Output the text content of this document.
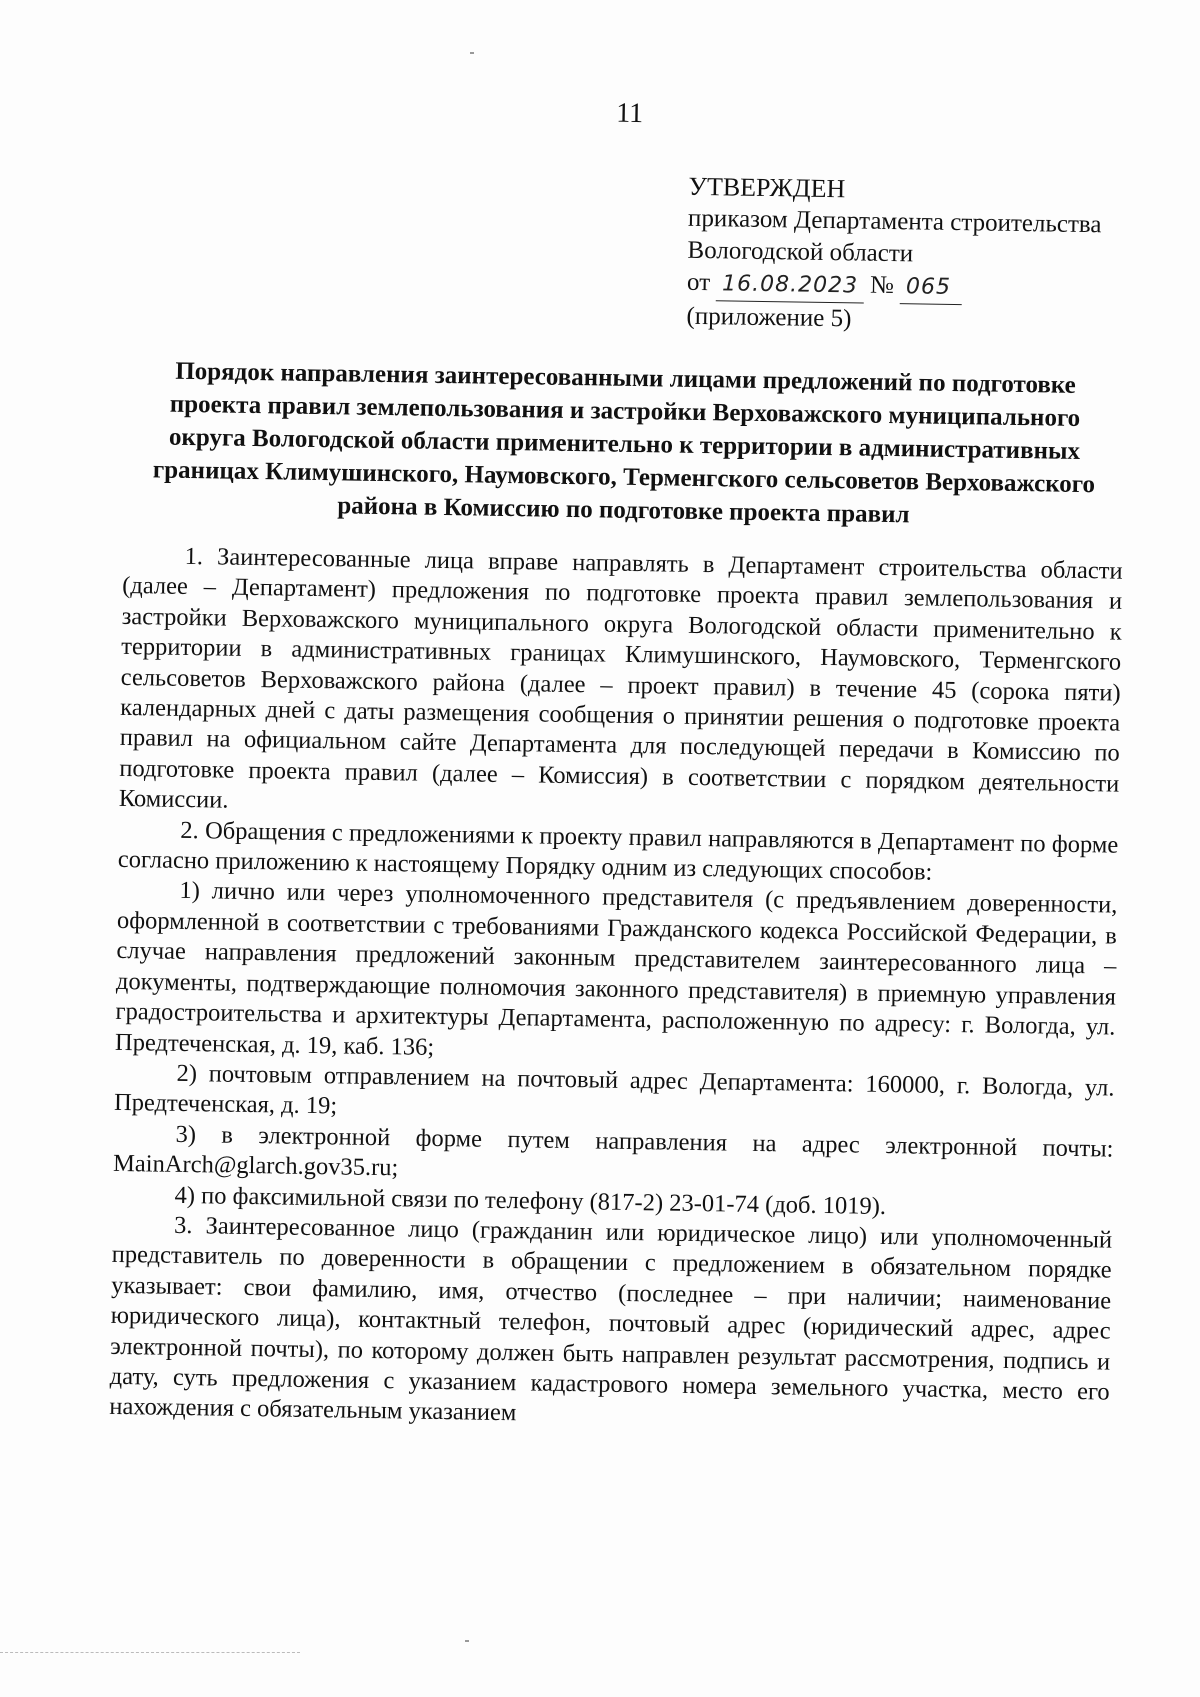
11
УТВЕРЖДЕН
приказом Департамента строительства
Вологодской области
от 16.08.2023 № 065
(приложение 5)
Порядок направления заинтересованными лицами предложений по подготовке проекта правил землепользования и застройки Верховажского муниципального округа Вологодской области применительно к территории в административных границах Климушинского, Наумовского, Терменгского сельсоветов Верховажского района в Комиссию по подготовке проекта правил

1. Заинтересованные лица вправе направлять в Департамент строительства области (далее – Департамент) предложения по подготовке проекта правил землепользования и застройки Верховажского муниципального округа Вологодской области применительно к территории в административных границах Климушинского, Наумовского, Терменгского сельсоветов Верховажского района (далее – проект правил) в течение 45 (сорока пяти) календарных дней с даты размещения сообщения о принятии решения о подготовке проекта правил на официальном сайте Департамента для последующей передачи в Комиссию по подготовке проекта правил (далее – Комиссия) в соответствии с порядком деятельности Комиссии.

2. Обращения с предложениями к проекту правил направляются в Департамент по форме согласно приложению к настоящему Порядку одним из следующих способов:

1) лично или через уполномоченного представителя (с предъявлением доверенности, оформленной в соответствии с требованиями Гражданского кодекса Российской Федерации, в случае направления предложений законным представителем заинтересованного лица – документы, подтверждающие полномочия законного представителя) в приемную управления градостроительства и архитектуры Департамента, расположенную по адресу: г. Вологда, ул. Предтеченская, д. 19, каб. 136;

2) почтовым отправлением на почтовый адрес Департамента: 160000, г. Вологда, ул. Предтеченская, д. 19;

3) в электронной форме путем направления на адрес электронной почты: MainArch@glarch.gov35.ru;

4) по факсимильной связи по телефону (817-2) 23-01-74 (доб. 1019).

3. Заинтересованное лицо (гражданин или юридическое лицо) или уполномоченный представитель по доверенности в обращении с предложением в обязательном порядке указывает: свои фамилию, имя, отчество (последнее – при наличии; наименование юридического лица), контактный телефон, почтовый адрес (юридический адрес, адрес электронной почты), по которому должен быть направлен результат рассмотрения, подпись и дату, суть предложения с указанием кадастрового номера земельного участка, место его нахождения с обязательным указанием
